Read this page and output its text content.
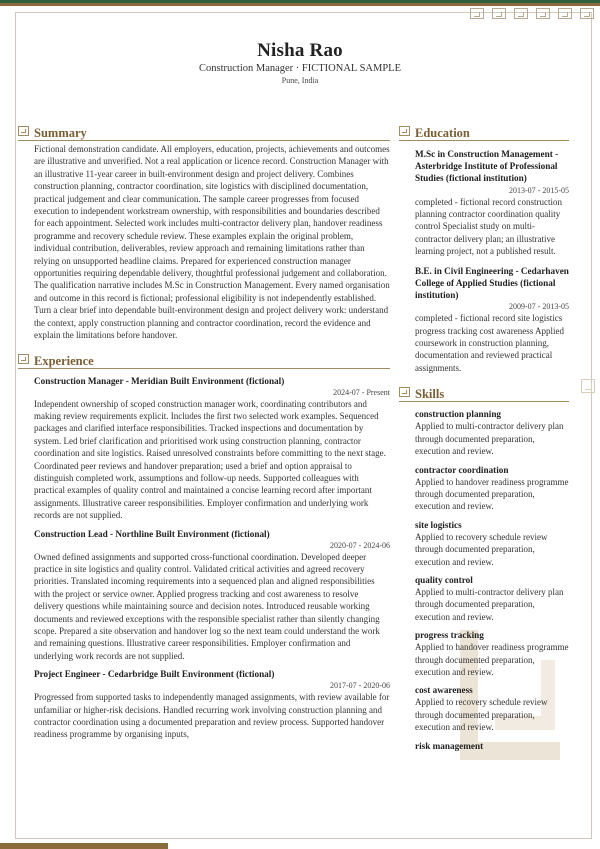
Nisha Rao
Construction Manager · FICTIONAL SAMPLE
Pune, India
Summary
Fictional demonstration candidate. All employers, education, projects, achievements and outcomes are illustrative and unverified. Not a real application or licence record. Construction Manager with an illustrative 11-year career in built-environment design and project delivery. Combines construction planning, contractor coordination, site logistics with disciplined documentation, practical judgement and clear communication. The sample career progresses from focused execution to independent workstream ownership, with responsibilities and boundaries described for each appointment. Selected work includes multi-contractor delivery plan, handover readiness programme and recovery schedule review. These examples explain the original problem, individual contribution, deliverables, review approach and remaining limitations rather than relying on unsupported headline claims. Prepared for experienced construction manager opportunities requiring dependable delivery, thoughtful professional judgement and collaboration. The qualification narrative includes M.Sc in Construction Management. Every named organisation and outcome in this record is fictional; professional eligibility is not independently established. Turn a clear brief into dependable built-environment design and project delivery work: understand the context, apply construction planning and contractor coordination, record the evidence and explain the limitations before handover.
Experience
Construction Manager - Meridian Built Environment (fictional)
2024-07 - Present
Independent ownership of scoped construction manager work, coordinating contributors and making review requirements explicit. Includes the first two selected work examples. Sequenced packages and clarified interface responsibilities. Tracked inspections and documentation by system. Led brief clarification and prioritised work using construction planning, contractor coordination and site logistics. Raised unresolved constraints before committing to the next stage. Coordinated peer reviews and handover preparation; used a brief and option appraisal to distinguish completed work, assumptions and follow-up needs. Supported colleagues with practical examples of quality control and maintained a concise learning record after important assignments. Illustrative career responsibilities. Employer confirmation and underlying work records are not supplied.
Construction Lead - Northline Built Environment (fictional)
2020-07 - 2024-06
Owned defined assignments and supported cross-functional coordination. Developed deeper practice in site logistics and quality control. Validated critical activities and agreed recovery priorities. Translated incoming requirements into a sequenced plan and aligned responsibilities with the project or service owner. Applied progress tracking and cost awareness to resolve delivery questions while maintaining source and decision notes. Introduced reusable working documents and reviewed exceptions with the responsible specialist rather than silently changing scope. Prepared a site observation and handover log so the next team could understand the work and remaining questions. Illustrative career responsibilities. Employer confirmation and underlying work records are not supplied.
Project Engineer - Cedarbridge Built Environment (fictional)
2017-07 - 2020-06
Progressed from supported tasks to independently managed assignments, with review available for unfamiliar or higher-risk decisions. Handled recurring work involving construction planning and contractor coordination using a documented preparation and review process. Supported handover readiness programme by organising inputs,
Education
M.Sc in Construction Management - Asterbridge Institute of Professional Studies (fictional institution)
2013-07 - 2015-05
completed - fictional record construction planning contractor coordination quality control Specialist study on multi-contractor delivery plan; an illustrative learning project, not a published result.
B.E. in Civil Engineering - Cedarhaven College of Applied Studies (fictional institution)
2009-07 - 2013-05
completed - fictional record site logistics progress tracking cost awareness Applied coursework in construction planning, documentation and reviewed practical assignments.
Skills
construction planning
Applied to multi-contractor delivery plan through documented preparation, execution and review.
contractor coordination
Applied to handover readiness programme through documented preparation, execution and review.
site logistics
Applied to recovery schedule review through documented preparation, execution and review.
quality control
Applied to multi-contractor delivery plan through documented preparation, execution and review.
progress tracking
Applied to handover readiness programme through documented preparation, execution and review.
cost awareness
Applied to recovery schedule review through documented preparation, execution and review.
risk management
